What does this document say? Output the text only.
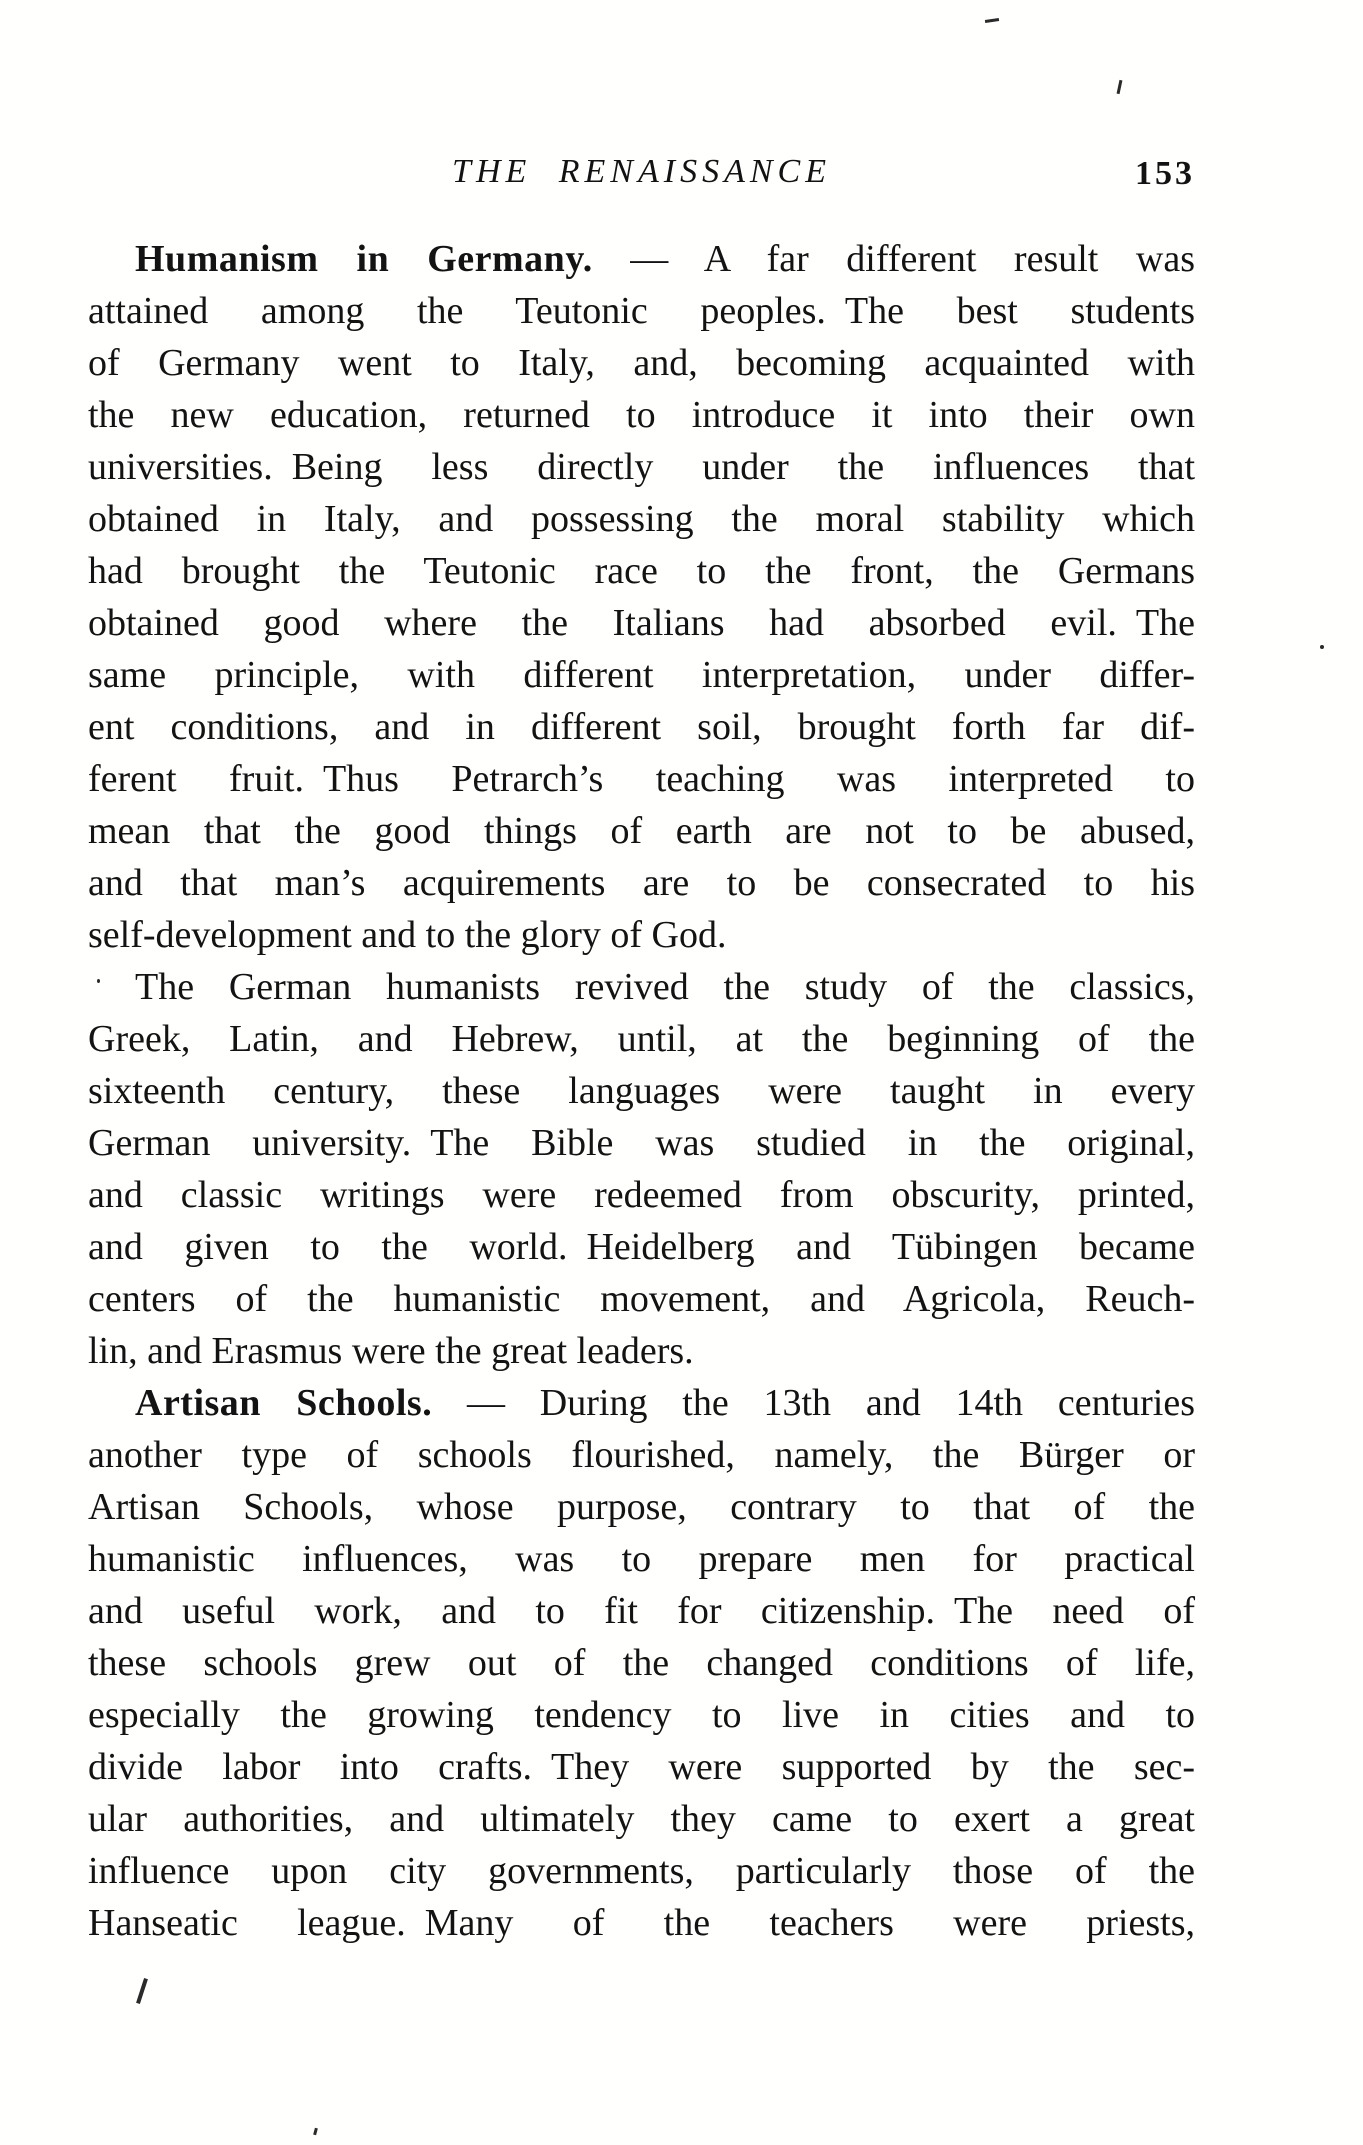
THE RENAISSANCE	153
Humanism in Germany. — A far different result was
attained among the Teutonic peoples. The best students
of Germany went to Italy, and, becoming acquainted with
the new education, returned to introduce it into their own
universities. Being less directly under the influences that
obtained in Italy, and possessing the moral stability which
had brought the Teutonic race to the front, the Germans
obtained good where the Italians had absorbed evil. The
same principle, with different interpretation, under differ-
ent conditions, and in different soil, brought forth far dif-
ferent fruit. Thus Petrarch’s teaching was interpreted to
mean that the good things of earth are not to be abused,
and that man’s acquirements are to be consecrated to his
self-development and to the glory of God.
The German humanists revived the study of the classics,
Greek, Latin, and Hebrew, until, at the beginning of the
sixteenth century, these languages were taught in every
German university. The Bible was studied in the original,
and classic writings were redeemed from obscurity, printed,
and given to the world. Heidelberg and Tübingen became
centers of the humanistic movement, and Agricola, Reuch-
lin, and Erasmus were the great leaders.
Artisan Schools. — During the 13th and 14th centuries
another type of schools flourished, namely, the Bürger or
Artisan Schools, whose purpose, contrary to that of the
humanistic influences, was to prepare men for practical
and useful work, and to fit for citizenship. The need of
these schools grew out of the changed conditions of life,
especially the growing tendency to live in cities and to
divide labor into crafts. They were supported by the sec-
ular authorities, and ultimately they came to exert a great
influence upon city governments, particularly those of the
Hanseatic league. Many of the teachers were priests,
